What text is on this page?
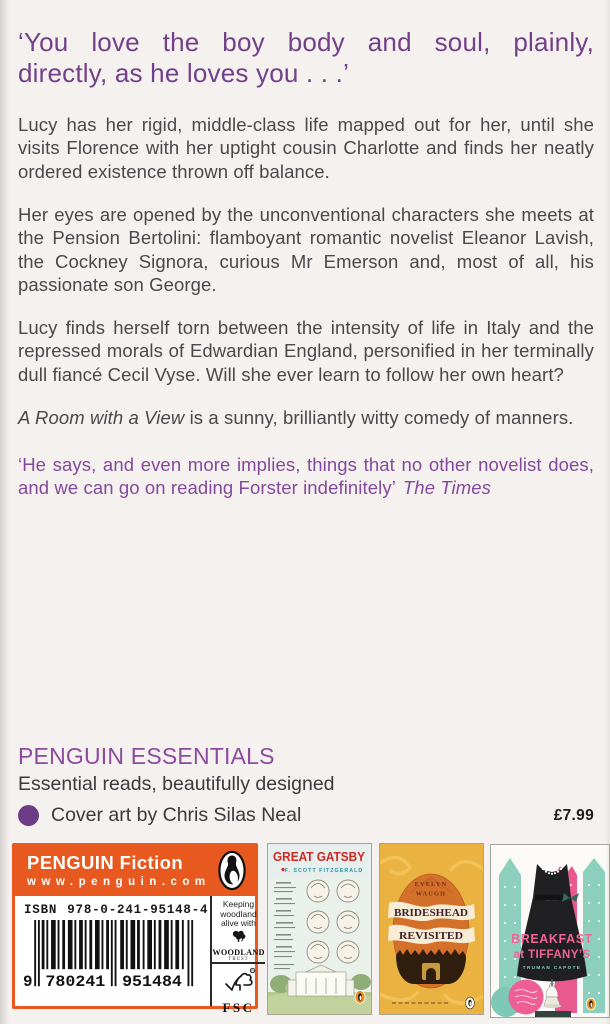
‘You love the boy body and soul, plainly,
directly, as he loves you . . .’

Lucy has her rigid, middle-class life mapped out for her, until she visits Florence with her uptight cousin Charlotte and finds her neatly ordered existence thrown off balance.

Her eyes are opened by the unconventional characters she meets at the Pension Bertolini: flamboyant romantic novelist Eleanor Lavish, the Cockney Signora, curious Mr Emerson and, most of all, his passionate son George.

Lucy finds herself torn between the intensity of life in Italy and the repressed morals of Edwardian England, personified in her terminally dull fiancé Cecil Vyse. Will she ever learn to follow her own heart?

A Room with a View is a sunny, brilliantly witty comedy of manners.

‘He says, and even more implies, things that no other novelist does, and we can go on reading Forster indefinitely’ The Times
PENGUIN ESSENTIALS
Essential reads, beautifully designed
Cover art by Chris Silas Neal	£7.99
PENGUIN Fiction
www.penguin.com
ISBN 978-0-241-95148-4
9 780241 951484
Keeping
woodland
alive with
WOODLAND
TRUST
R
FSC
GREAT GATSBY
F. SCOTT FITZGERALD
EVELYN
WAUGH
BRIDESHEAD
REVISITED	BREAKFAST
at TIFFANY’S
TRUMAN CAPOTE
